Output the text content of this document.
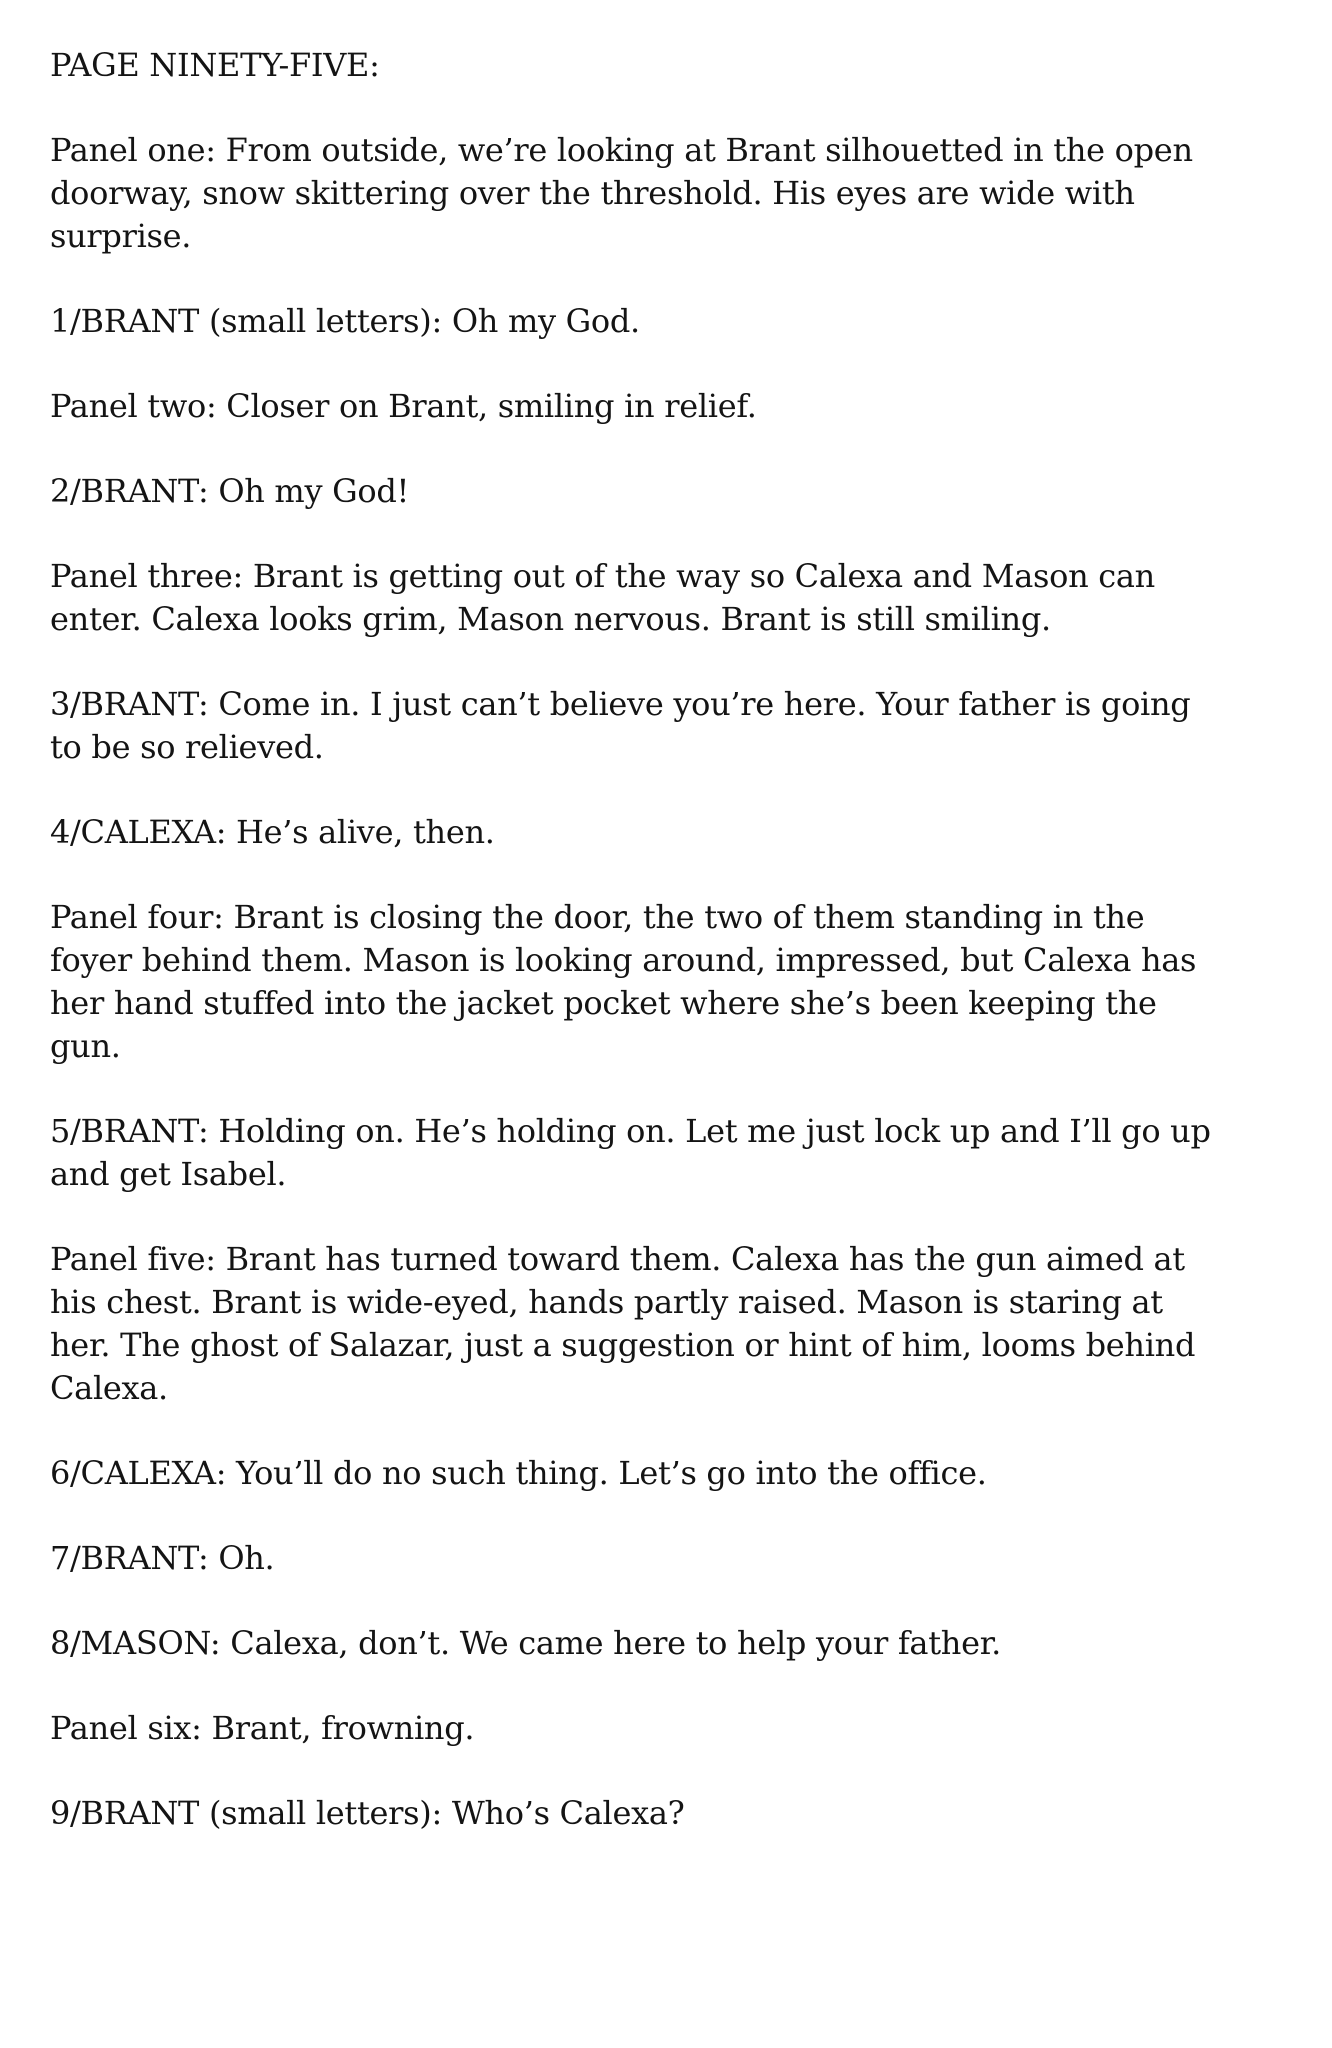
PAGE NINETY-FIVE:

Panel one: From outside, we’re looking at Brant silhouetted in the open doorway, snow skittering over the threshold. His eyes are wide with surprise.

1/BRANT (small letters): Oh my God.

Panel two: Closer on Brant, smiling in relief.

2/BRANT: Oh my God!

Panel three: Brant is getting out of the way so Calexa and Mason can enter. Calexa looks grim, Mason nervous. Brant is still smiling.

3/BRANT: Come in. I just can’t believe you’re here. Your father is going to be so relieved.

4/CALEXA: He’s alive, then.

Panel four: Brant is closing the door, the two of them standing in the foyer behind them. Mason is looking around, impressed, but Calexa has her hand stuffed into the jacket pocket where she’s been keeping the gun.

5/BRANT: Holding on. He’s holding on. Let me just lock up and I’ll go up and get Isabel.

Panel five: Brant has turned toward them. Calexa has the gun aimed at his chest. Brant is wide-eyed, hands partly raised. Mason is staring at her. The ghost of Salazar, just a suggestion or hint of him, looms behind Calexa.

6/CALEXA: You’ll do no such thing. Let’s go into the office.

7/BRANT: Oh.

8/MASON: Calexa, don’t. We came here to help your father.

Panel six: Brant, frowning.

9/BRANT (small letters): Who’s Calexa?
